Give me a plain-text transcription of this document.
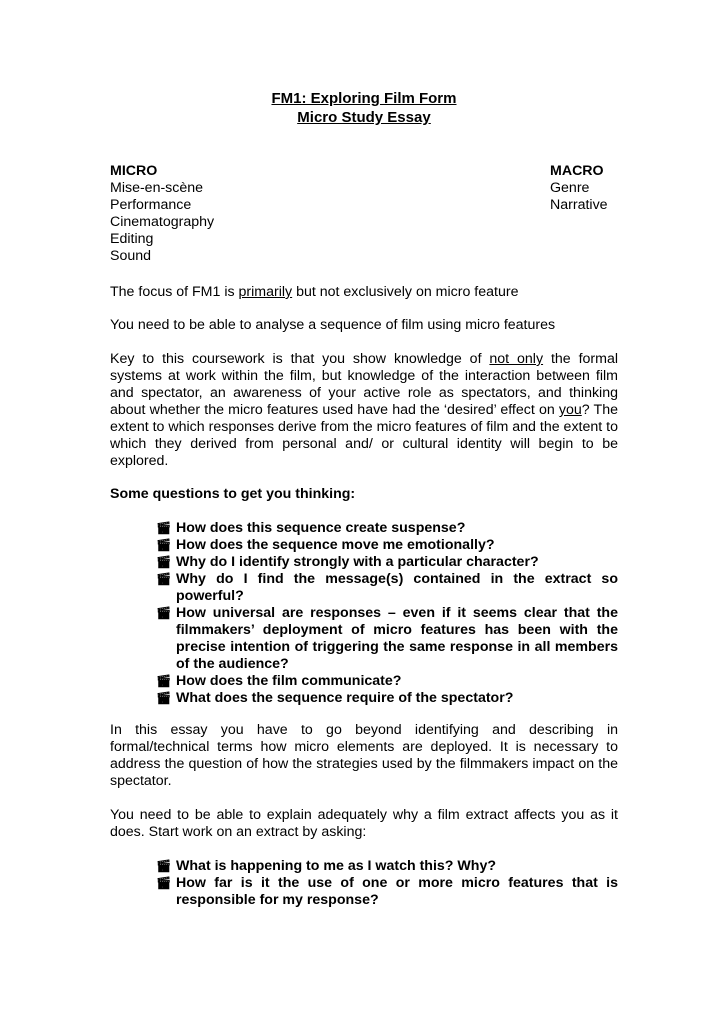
FM1: Exploring Film Form
Micro Study Essay
MICRO
Mise-en-scène
Performance
Cinematography
Editing
Sound
MACRO
Genre
Narrative
The focus of FM1 is primarily but not exclusively on micro feature
You need to be able to analyse a sequence of film using micro features
Key to this coursework is that you show knowledge of not only the formal systems at work within the film, but knowledge of the interaction between film and spectator, an awareness of your active role as spectators, and thinking about whether the micro features used have had the ‘desired’ effect on you? The extent to which responses derive from the micro features of film and the extent to which they derived from personal and/ or cultural identity will begin to be explored.
Some questions to get you thinking:
🎬︎ How does this sequence create suspense?
🎬︎ How does the sequence move me emotionally?
🎬︎ Why do I identify strongly with a particular character?
🎬︎ Why do I find the message(s) contained in the extract so powerful?
🎬︎ How universal are responses – even if it seems clear that the filmmakers’ deployment of micro features has been with the precise intention of triggering the same response in all members of the audience?
🎬︎ How does the film communicate?
🎬︎ What does the sequence require of the spectator?
In this essay you have to go beyond identifying and describing in formal/technical terms how micro elements are deployed. It is necessary to address the question of how the strategies used by the filmmakers impact on the spectator.
You need to be able to explain adequately why a film extract affects you as it does. Start work on an extract by asking:
🎬︎ What is happening to me as I watch this? Why?
🎬︎ How far is it the use of one or more micro features that is responsible for my response?
